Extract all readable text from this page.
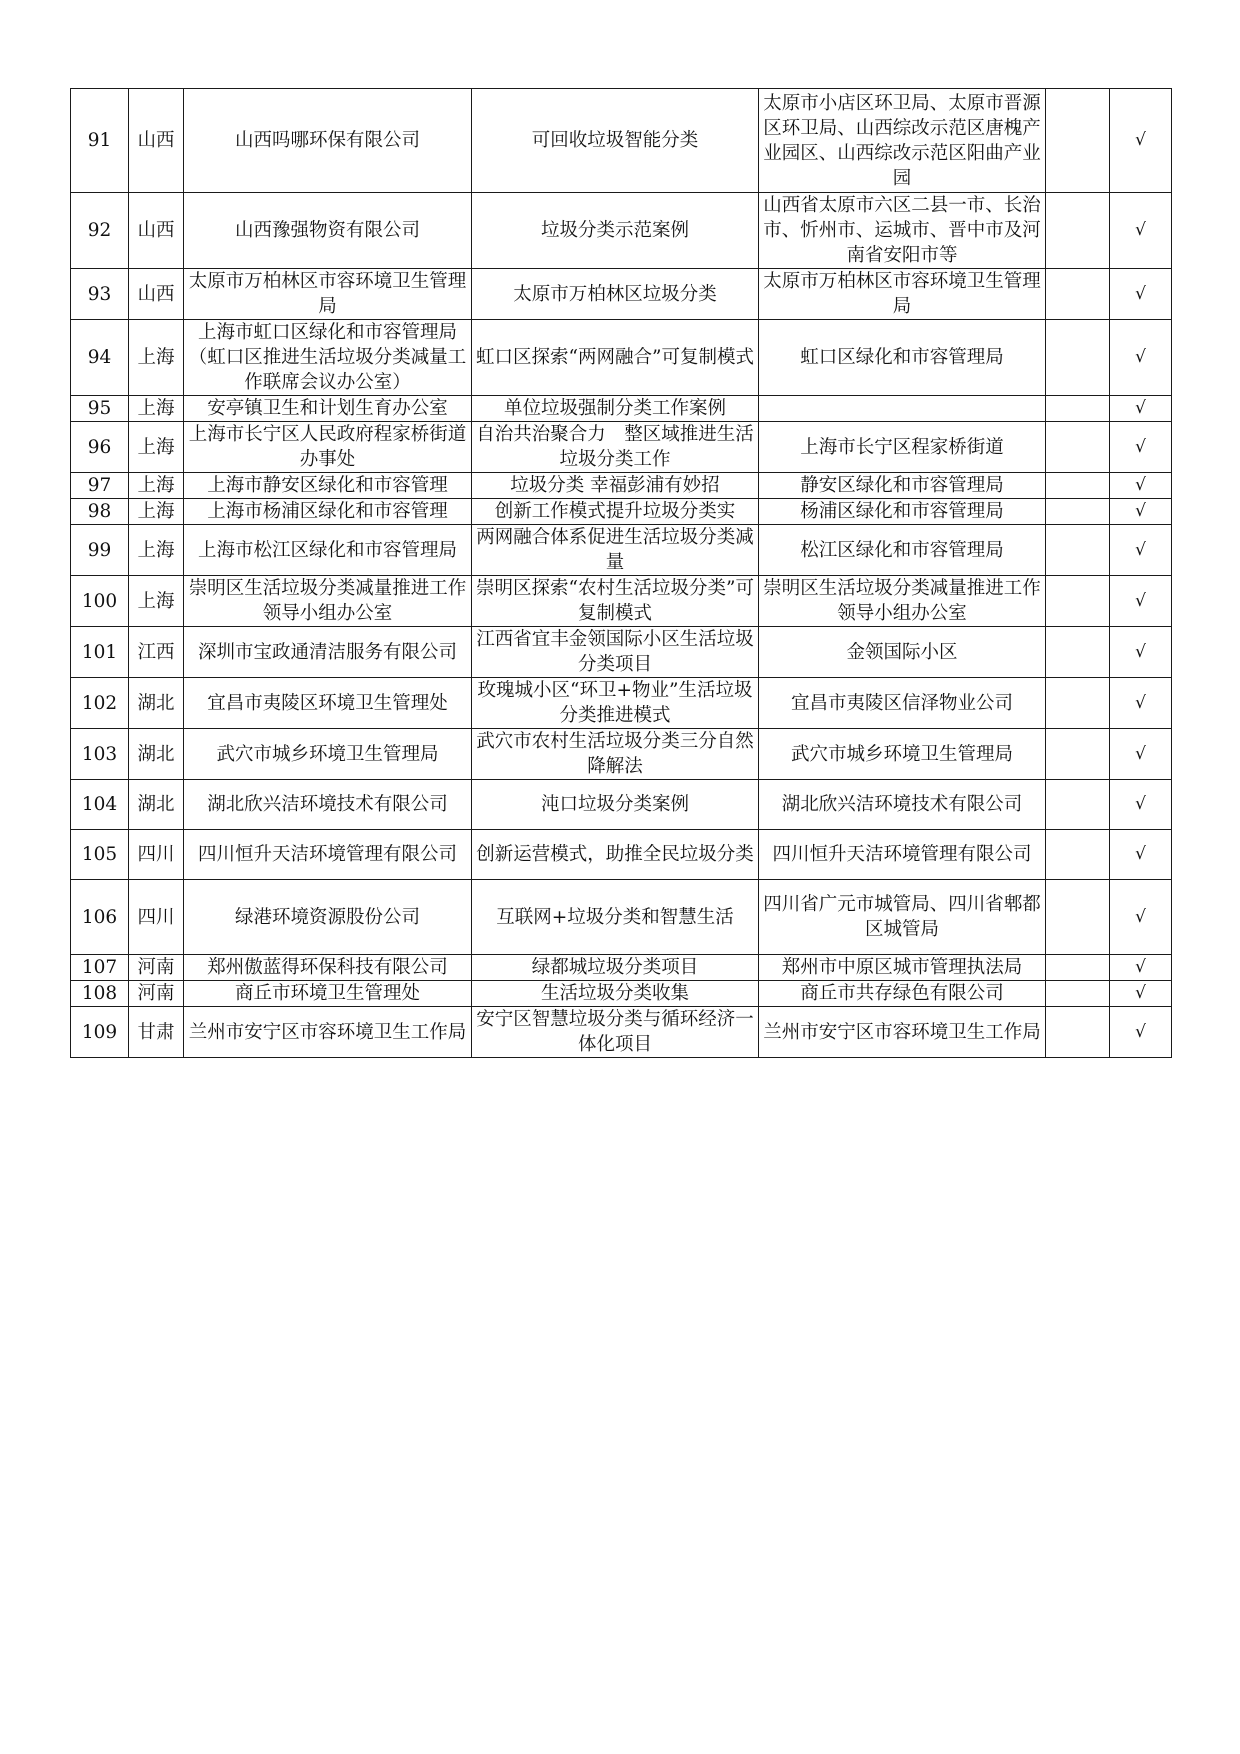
91	山西	山西吗哪环保有限公司	可回收垃圾智能分类	太原市小店区环卫局、太原市晋源区环卫局、山西综改示范区唐槐产业园区、山西综改示范区阳曲产业园		√
92	山西	山西豫强物资有限公司	垃圾分类示范案例	山西省太原市六区二县一市、长治市、忻州市、运城市、晋中市及河南省安阳市等		√
93	山西	太原市万柏林区市容环境卫生管理局	太原市万柏林区垃圾分类	太原市万柏林区市容环境卫生管理局		√
94	上海	上海市虹口区绿化和市容管理局（虹口区推进生活垃圾分类减量工作联席会议办公室）	虹口区探索“两网融合”可复制模式	虹口区绿化和市容管理局		√
95	上海	安亭镇卫生和计划生育办公室	单位垃圾强制分类工作案例			√
96	上海	上海市长宁区人民政府程家桥街道办事处	自治共治聚合力　整区域推进生活垃圾分类工作	上海市长宁区程家桥街道		√
97	上海	上海市静安区绿化和市容管理	垃圾分类 幸福彭浦有妙招	静安区绿化和市容管理局		√
98	上海	上海市杨浦区绿化和市容管理	创新工作模式提升垃圾分类实	杨浦区绿化和市容管理局		√
99	上海	上海市松江区绿化和市容管理局	两网融合体系促进生活垃圾分类减量	松江区绿化和市容管理局		√
100	上海	崇明区生活垃圾分类减量推进工作领导小组办公室	崇明区探索“农村生活垃圾分类”可复制模式	崇明区生活垃圾分类减量推进工作领导小组办公室		√
101	江西	深圳市宝政通清洁服务有限公司	江西省宜丰金领国际小区生活垃圾分类项目	金领国际小区		√
102	湖北	宜昌市夷陵区环境卫生管理处	玫瑰城小区“环卫+物业”生活垃圾分类推进模式	宜昌市夷陵区信泽物业公司		√
103	湖北	武穴市城乡环境卫生管理局	武穴市农村生活垃圾分类三分自然降解法	武穴市城乡环境卫生管理局		√
104	湖北	湖北欣兴洁环境技术有限公司	沌口垃圾分类案例	湖北欣兴洁环境技术有限公司		√
105	四川	四川恒升天洁环境管理有限公司	创新运营模式，助推全民垃圾分类	四川恒升天洁环境管理有限公司		√
106	四川	绿港环境资源股份公司	互联网+垃圾分类和智慧生活	四川省广元市城管局、四川省郫都区城管局		√
107	河南	郑州傲蓝得环保科技有限公司	绿都城垃圾分类项目	郑州市中原区城市管理执法局		√
108	河南	商丘市环境卫生管理处	生活垃圾分类收集	商丘市共存绿色有限公司		√
109	甘肃	兰州市安宁区市容环境卫生工作局	安宁区智慧垃圾分类与循环经济一体化项目	兰州市安宁区市容环境卫生工作局		√
